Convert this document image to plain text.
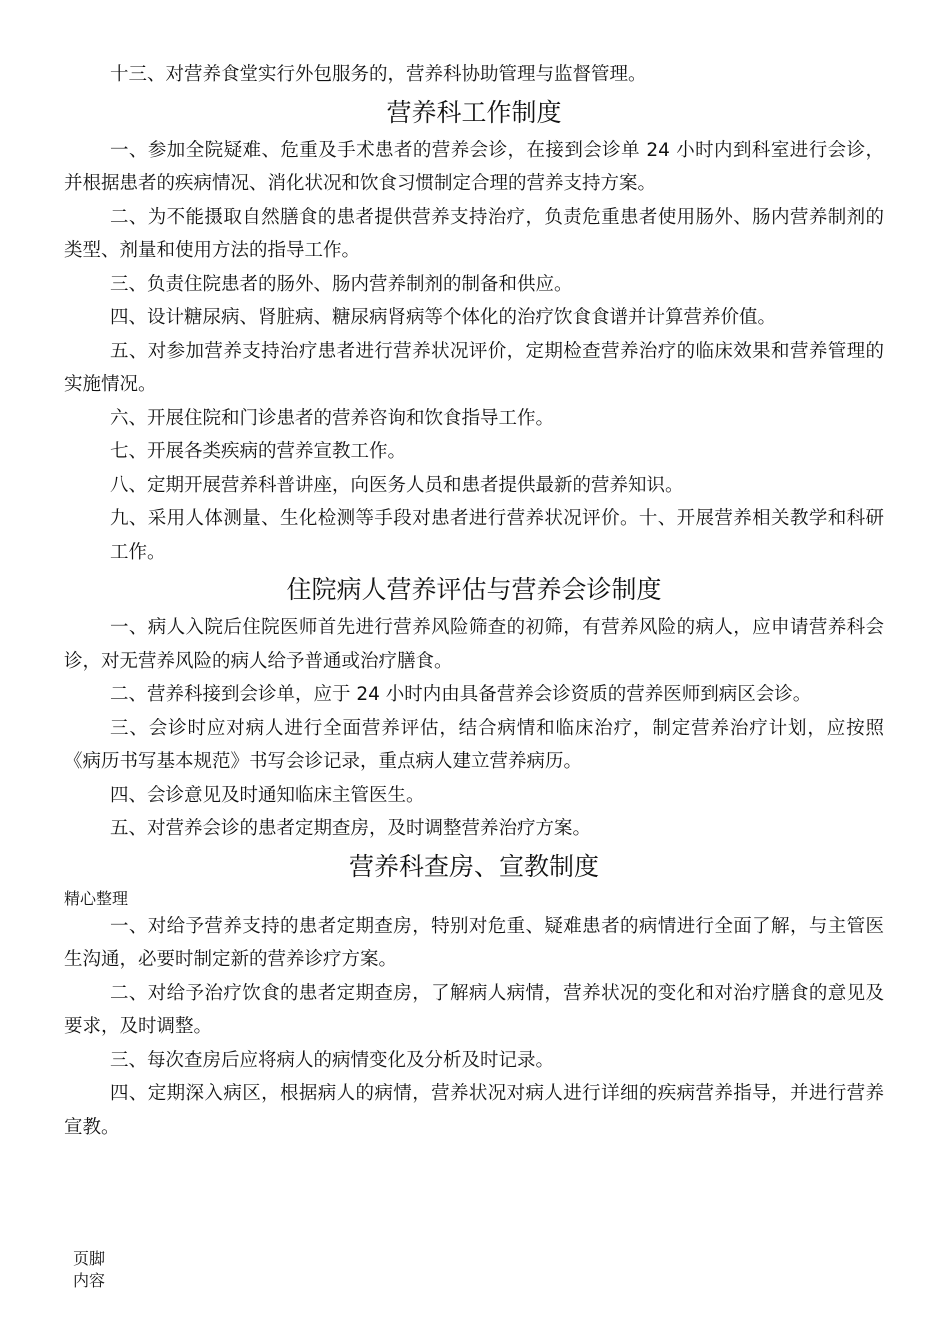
十三、对营养食堂实行外包服务的，营养科协助管理与监督管理。

营养科工作制度

一、参加全院疑难、危重及手术患者的营养会诊，在接到会诊单 24 小时内到科室进行会诊，并根据患者的疾病情况、消化状况和饮食习惯制定合理的营养支持方案。

二、为不能摄取自然膳食的患者提供营养支持治疗，负责危重患者使用肠外、肠内营养制剂的类型、剂量和使用方法的指导工作。

三、负责住院患者的肠外、肠内营养制剂的制备和供应。

四、设计糖尿病、肾脏病、糖尿病肾病等个体化的治疗饮食食谱并计算营养价值。

五、对参加营养支持治疗患者进行营养状况评价，定期检查营养治疗的临床效果和营养管理的实施情况。

六、开展住院和门诊患者的营养咨询和饮食指导工作。

七、开展各类疾病的营养宣教工作。

八、定期开展营养科普讲座，向医务人员和患者提供最新的营养知识。

九、采用人体测量、生化检测等手段对患者进行营养状况评价。十、开展营养相关教学和科研工作。

住院病人营养评估与营养会诊制度

一、病人入院后住院医师首先进行营养风险筛查的初筛，有营养风险的病人，应申请营养科会诊，对无营养风险的病人给予普通或治疗膳食。

二、营养科接到会诊单，应于 24 小时内由具备营养会诊资质的营养医师到病区会诊。

三、会诊时应对病人进行全面营养评估，结合病情和临床治疗，制定营养治疗计划，应按照《病历书写基本规范》书写会诊记录，重点病人建立营养病历。

四、会诊意见及时通知临床主管医生。

五、对营养会诊的患者定期查房，及时调整营养治疗方案。

营养科查房、宣教制度

精心整理

一、对给予营养支持的患者定期查房，特别对危重、疑难患者的病情进行全面了解，与主管医生沟通，必要时制定新的营养诊疗方案。

二、对给予治疗饮食的患者定期查房，了解病人病情，营养状况的变化和对治疗膳食的意见及要求，及时调整。

三、每次查房后应将病人的病情变化及分析及时记录。

四、定期深入病区，根据病人的病情，营养状况对病人进行详细的疾病营养指导，并进行营养宣教。

页脚
内容
